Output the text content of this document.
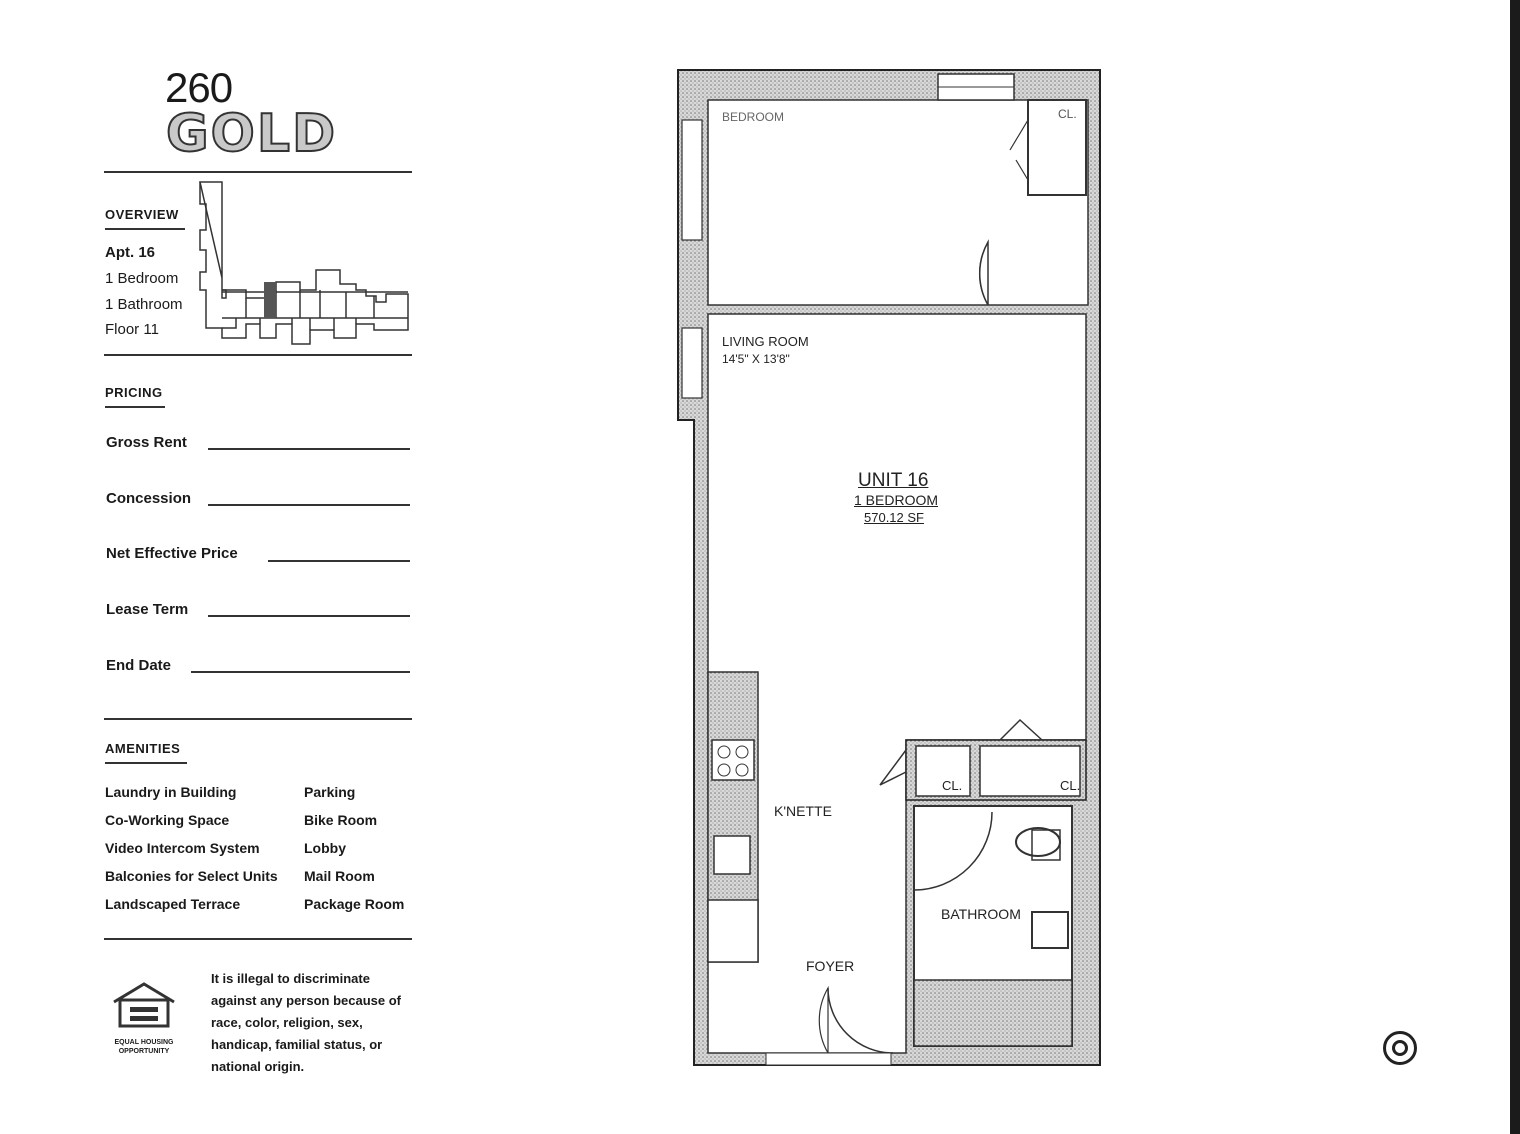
260
GOLD
OVERVIEW
Apt. 16
1 Bedroom
1 Bathroom
Floor 11
PRICING
Gross Rent
Concession
Net Effective Price
Lease Term
End Date
AMENITIES
Laundry in Building
Co-Working Space
Video Intercom System
Balconies for Select Units
Landscaped Terrace
Parking
Bike Room
Lobby
Mail Room
Package Room
EQUAL HOUSING OPPORTUNITY
It is illegal to discriminate against any person because of race, color, religion, sex, handicap, familial status, or national origin.
BEDROOM	CL.
LIVING ROOM
14'5" X 13'8"
UNIT 16
1 BEDROOM
570.12 SF
CL.	CL.
K'NETTE
BATHROOM
FOYER
